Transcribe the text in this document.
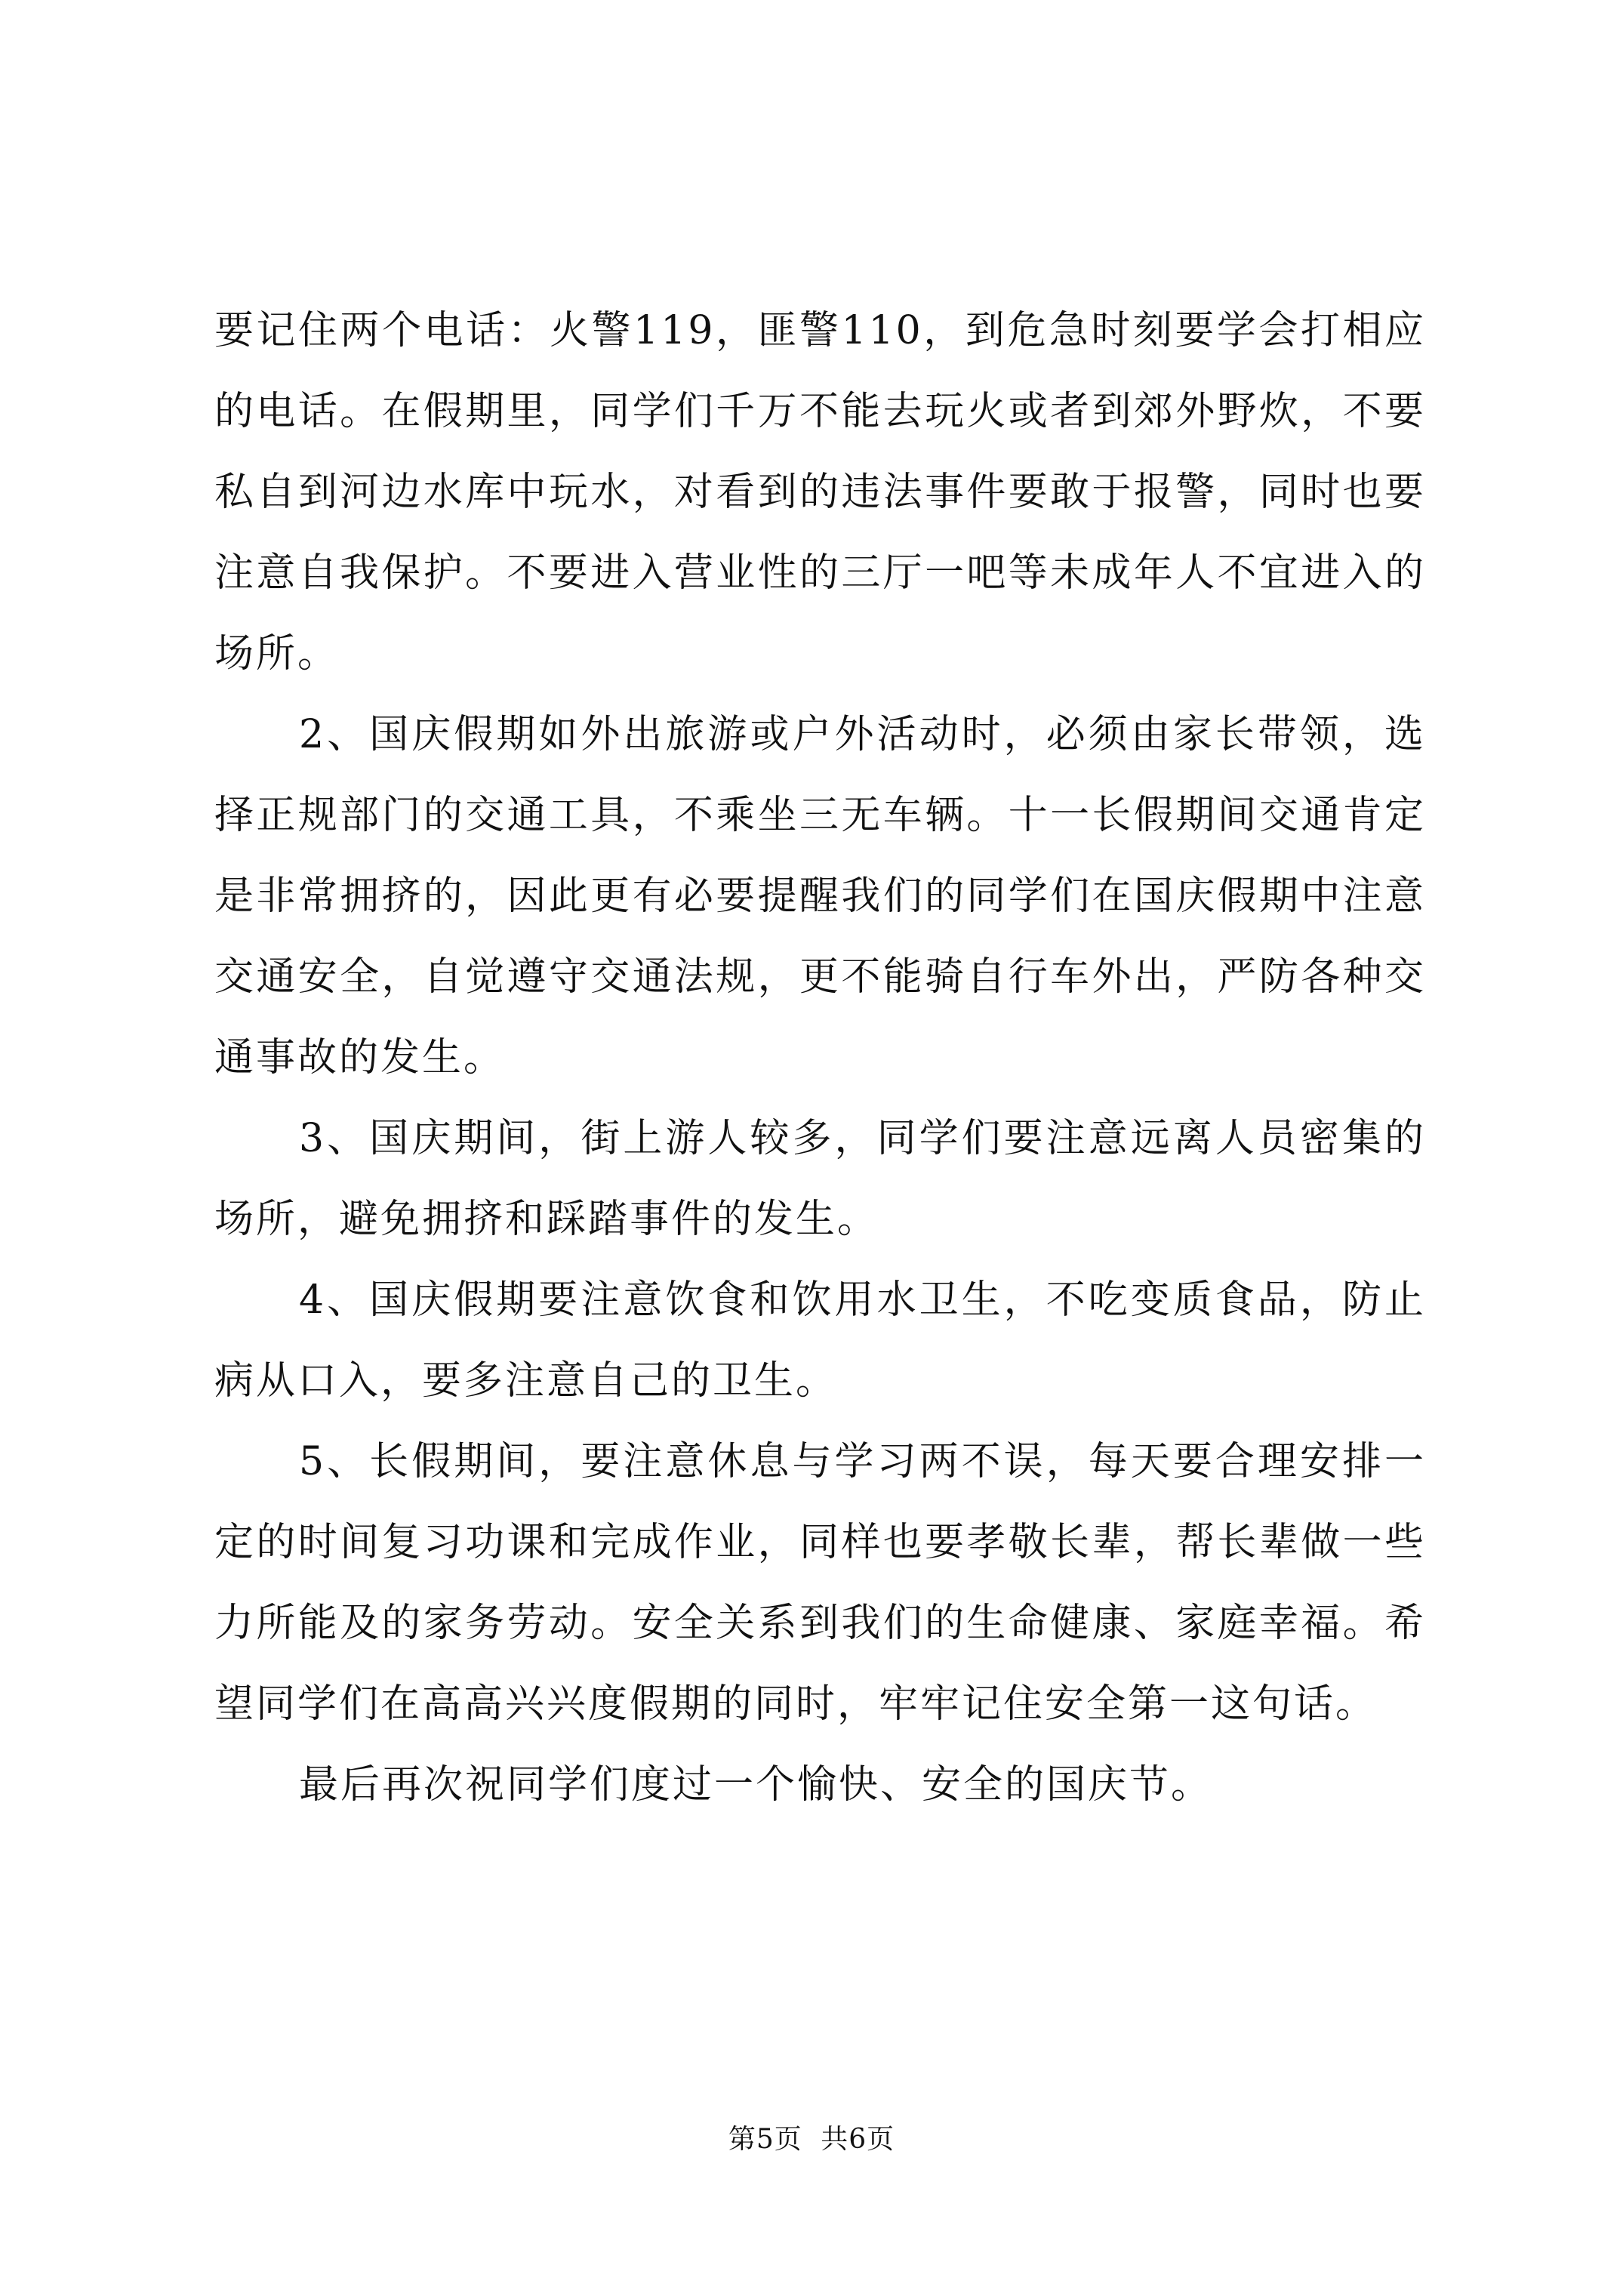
要记住两个电话：火警119，匪警110，到危急时刻要学会打相应的电话。在假期里，同学们千万不能去玩火或者到郊外野炊，不要私自到河边水库中玩水，对看到的违法事件要敢于报警，同时也要注意自我保护。不要进入营业性的三厅一吧等未成年人不宜进入的场所。

2、国庆假期如外出旅游或户外活动时，必须由家长带领，选择正规部门的交通工具，不乘坐三无车辆。十一长假期间交通肯定是非常拥挤的，因此更有必要提醒我们的同学们在国庆假期中注意交通安全，自觉遵守交通法规，更不能骑自行车外出，严防各种交通事故的发生。

3、国庆期间，街上游人较多，同学们要注意远离人员密集的场所，避免拥挤和踩踏事件的发生。

4、国庆假期要注意饮食和饮用水卫生，不吃变质食品，防止病从口入，要多注意自己的卫生。

5、长假期间，要注意休息与学习两不误，每天要合理安排一定的时间复习功课和完成作业，同样也要孝敬长辈，帮长辈做一些力所能及的家务劳动。安全关系到我们的生命健康、家庭幸福。希望同学们在高高兴兴度假期的同时，牢牢记住安全第一这句话。

最后再次祝同学们度过一个愉快、安全的国庆节。

第5页 共6页
